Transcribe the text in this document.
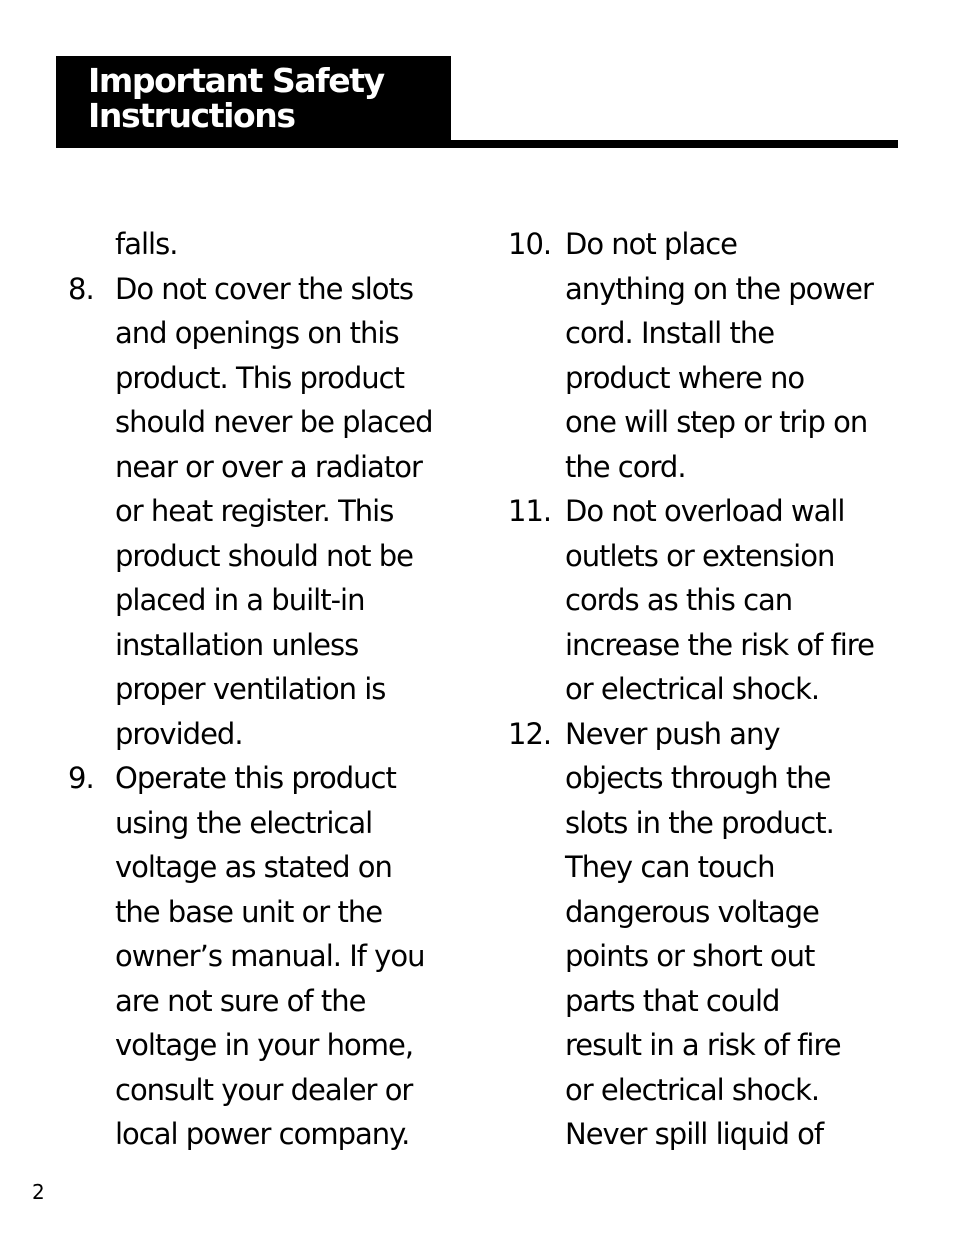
Important Safety
Instructions
falls.
8. Do not cover the slots
and openings on this
product. This product
should never be placed
near or over a radiator
or heat register. This
product should not be
placed in a built-in
installation unless
proper ventilation is
provided.
9. Operate this product
using the electrical
voltage as stated on
the base unit or the
owner’s manual. If you
are not sure of the
voltage in your home,
consult your dealer or
local power company.
10. Do not place
anything on the power
cord. Install the
product where no
one will step or trip on
the cord.
11. Do not overload wall
outlets or extension
cords as this can
increase the risk of fire
or electrical shock.
12. Never push any
objects through the
slots in the product.
They can touch
dangerous voltage
points or short out
parts that could
result in a risk of fire
or electrical shock.
Never spill liquid of
2
